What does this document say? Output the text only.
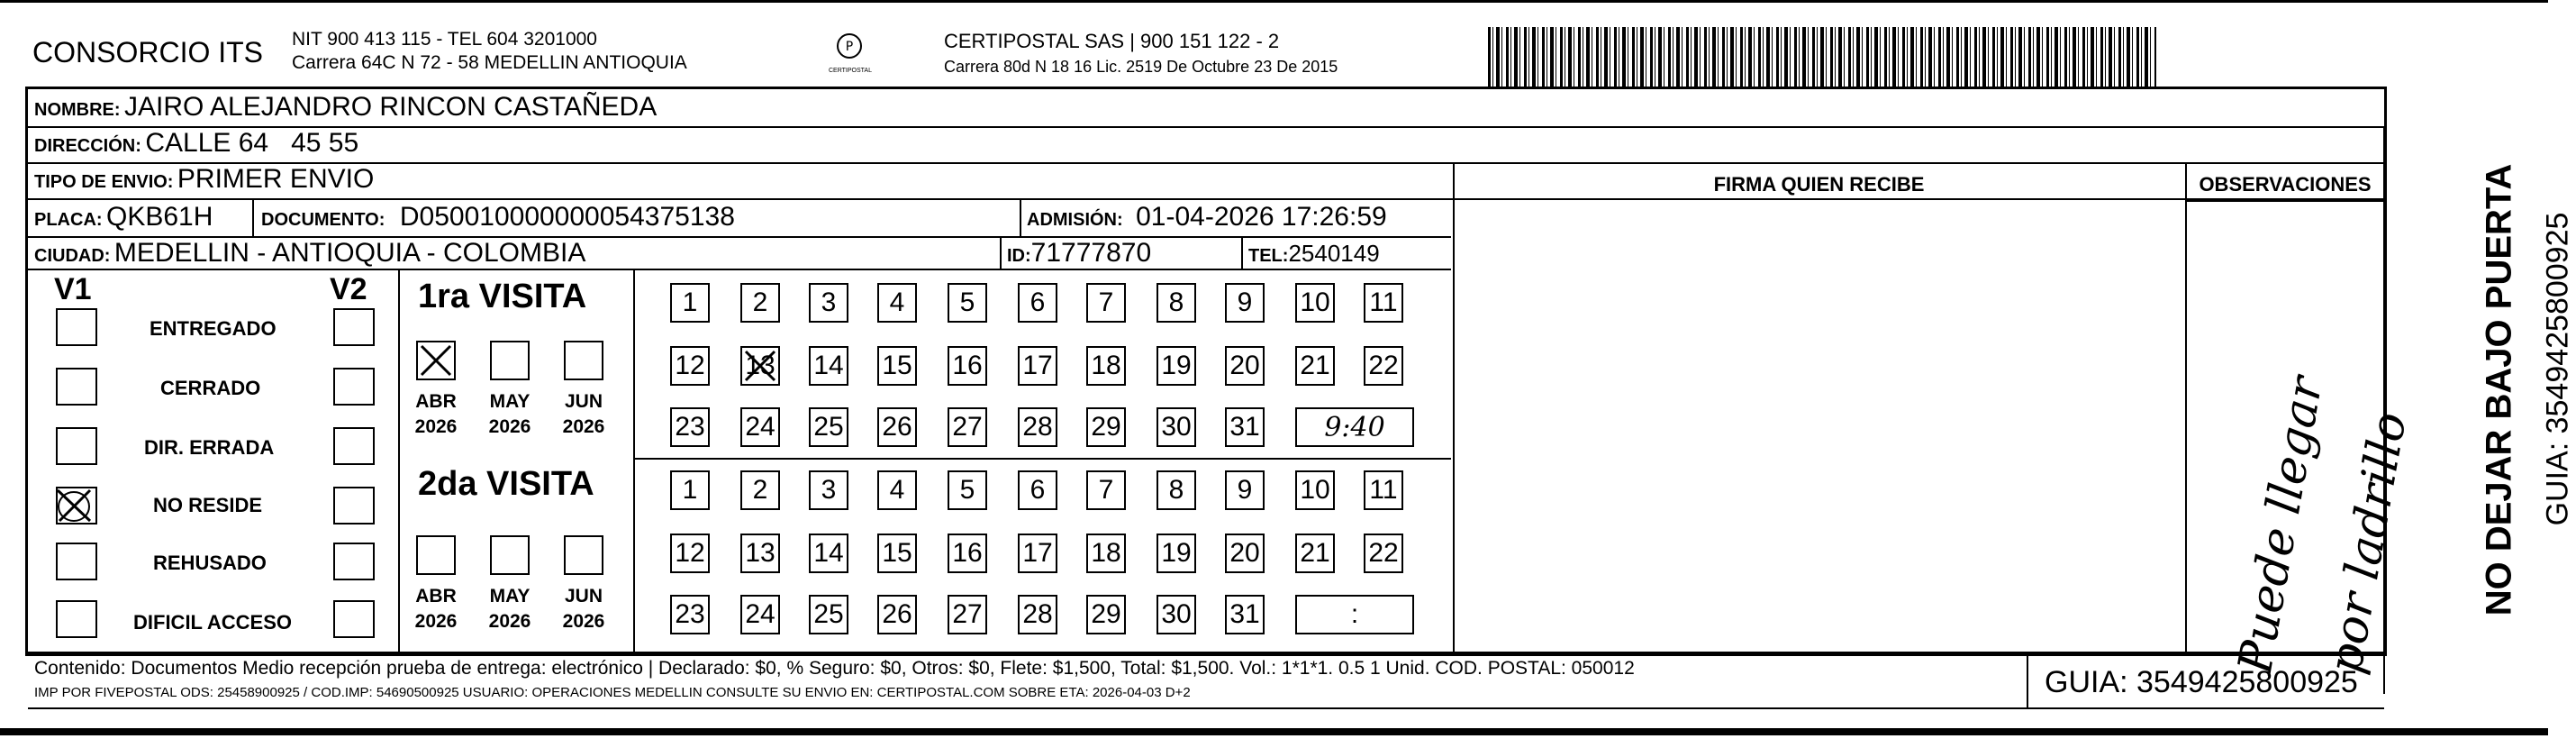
CONSORCIO ITS NIT 900 413 115 - TEL 604 3201000
Carrera 64C N 72 - 58 MEDELLIN ANTIOQUIA
P
CERTIPOSTAL
CERTIPOSTAL SAS | 900 151 122 - 2
Carrera 80d N 18 16 Lic. 2519 De Octubre 23 De 2015
NOMBRE: JAIRO ALEJANDRO RINCON CASTAÑEDA
DIRECCIÓN: CALLE 64   45 55
TIPO DE ENVIO: PRIMER ENVIO
PLACA: QKB61H	DOCUMENTO: D050010000000054375138	ADMISIÓN: 01-04-2026 17:26:59
CIUDAD: MEDELLIN - ANTIOQUIA - COLOMBIA	ID:71777870	TEL:2540149
FIRMA QUIEN RECIBE	OBSERVACIONES
V1	V2
ENTREGADO
CERRADO
DIR. ERRADA
NO RESIDE
REHUSADO
DIFICIL ACCESO
1ra VISITA
ABR
2026
MAY
2026
JUN
2026
1	2	3	4	5	6	7	8	9	10 11
12 13 14 15 16 17 18 19 20 21 22
23 24 25 26 27 28 29 30 31	9:40
2da VISITA
ABR
2026
MAY
2026
JUN
2026
1	2	3	4	5	6	7	8	9	10 11
12 13 14 15 16 17 18 19 20 21 22
23 24 25 26 27 28 29 30 31	:	Puede llegar
por ladrillo	NO DEJAR BAJO PUERTA GUIA: 3549425800925
Contenido: Documentos Medio recepción prueba de entrega: electrónico | Declarado: $0, % Seguro: $0, Otros: $0, Flete: $1,500, Total: $1,500. Vol.: 1*1*1. 0.5 1 Unid. COD. POSTAL: 050012
IMP POR FIVEPOSTAL ODS: 25458900925 / COD.IMP: 54690500925 USUARIO: OPERACIONES MEDELLIN CONSULTE SU ENVIO EN: CERTIPOSTAL.COM SOBRE ETA: 2026-04-03 D+2	GUIA: 3549425800925
